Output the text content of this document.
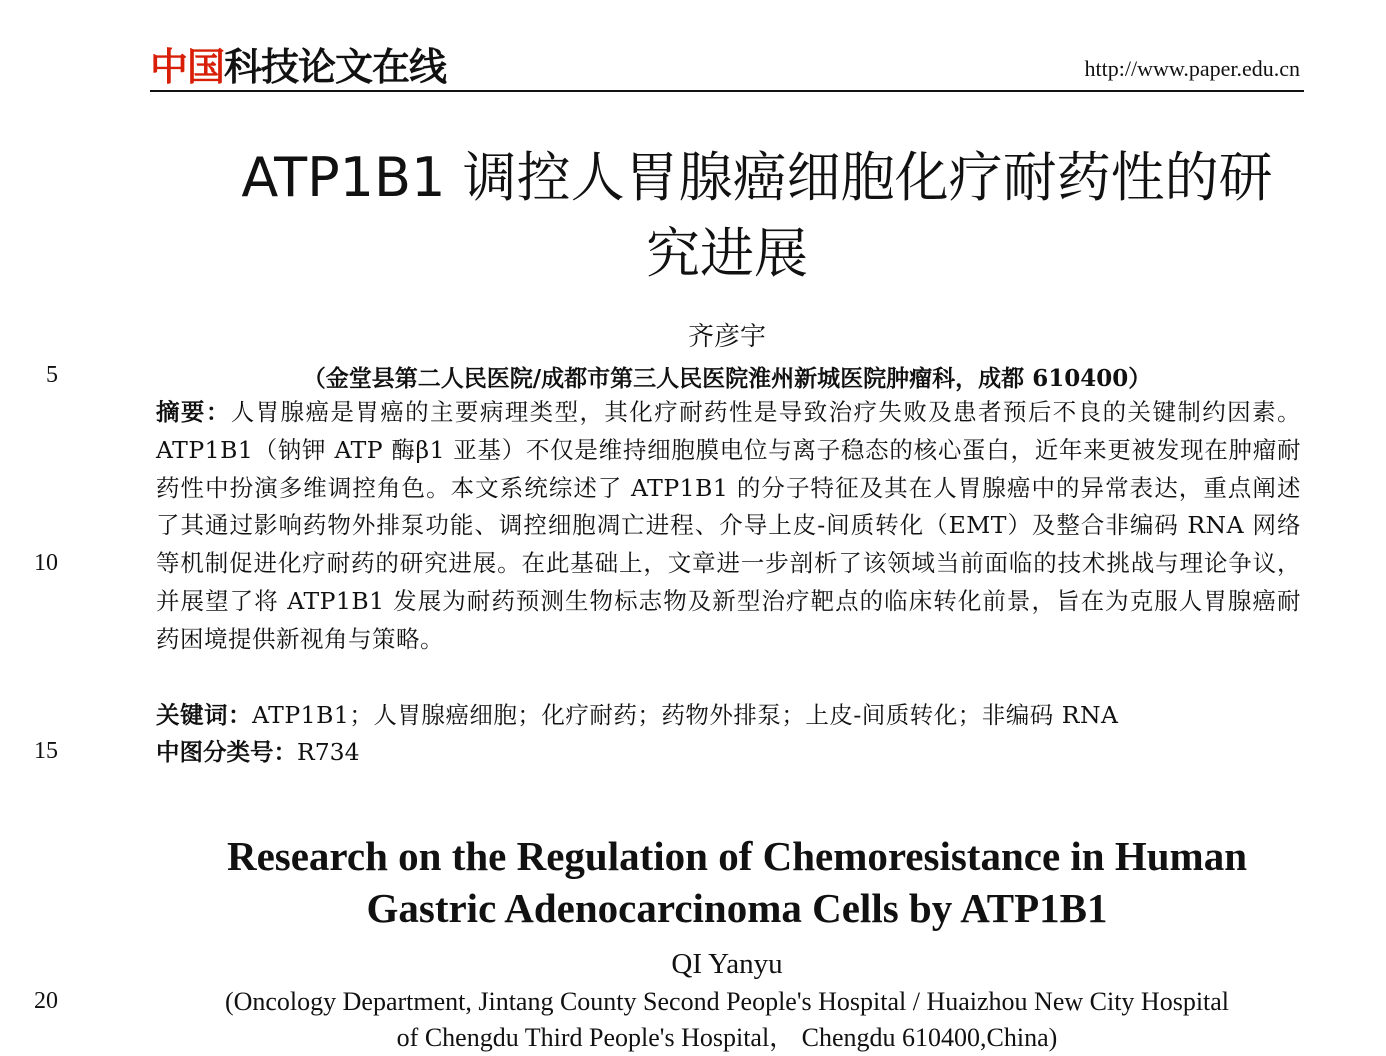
中国科技论文在线	http://www.paper.edu.cn
ATP1B1 调控人胃腺癌细胞化疗耐药性的研
究进展
齐彦宇
（金堂县第二人民医院/成都市第三人民医院淮州新城医院肿瘤科，成都 610400）
5
10
15
20
摘要：人胃腺癌是胃癌的主要病理类型，其化疗耐药性是导致治疗失败及患者预后不良的关键制约因素。ATP1B1（钠钾 ATP 酶β1 亚基）不仅是维持细胞膜电位与离子稳态的核心蛋白，近年来更被发现在肿瘤耐药性中扮演多维调控角色。本文系统综述了 ATP1B1 的分子特征及其在人胃腺癌中的异常表达，重点阐述了其通过影响药物外排泵功能、调控细胞凋亡进程、介导上皮-间质转化（EMT）及整合非编码 RNA 网络等机制促进化疗耐药的研究进展。在此基础上，文章进一步剖析了该领域当前面临的技术挑战与理论争议，并展望了将 ATP1B1 发展为耐药预测生物标志物及新型治疗靶点的临床转化前景，旨在为克服人胃腺癌耐药困境提供新视角与策略。
关键词：ATP1B1；人胃腺癌细胞；化疗耐药；药物外排泵；上皮-间质转化；非编码 RNA
中图分类号：R734
Research on the Regulation of Chemoresistance in Human
Gastric Adenocarcinoma Cells by ATP1B1
QI Yanyu
(Oncology Department, Jintang County Second People's Hospital / Huaizhou New City Hospital
of Chengdu Third People's Hospital， Chengdu 610400,China)
